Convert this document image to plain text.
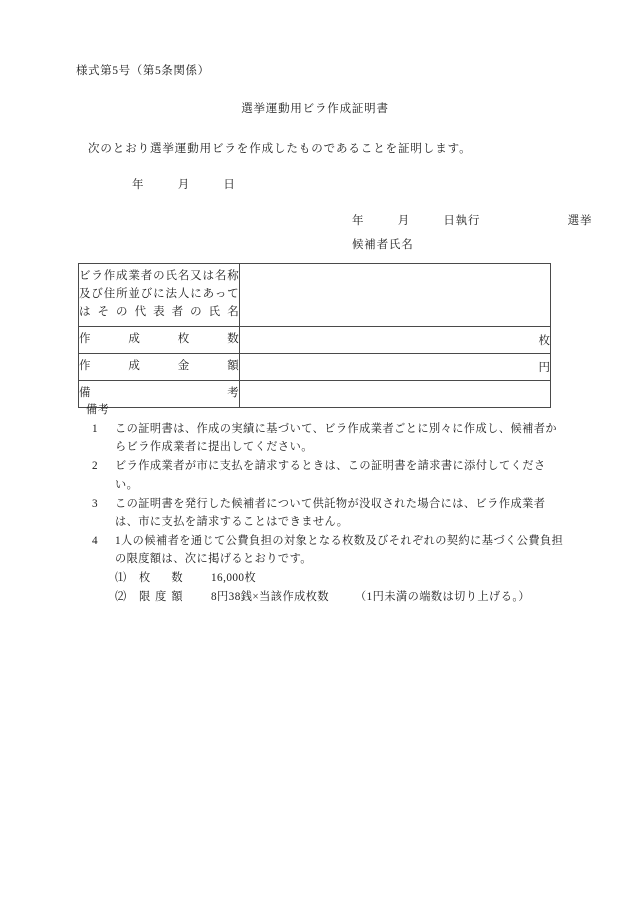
様式第5号（第5条関係）
選挙運動用ビラ作成証明書
次のとおり選挙運動用ビラを作成したものであることを証明します。
年	月	日
年	月	日執行	選挙
候補者氏名
ビラ作成業者の氏名又は名称
及び住所並びに法人にあって
はその代表者の氏名	

作成枚数	枚

作成金額	円

備考	

備考
1 この証明書は、作成の実績に基づいて、ビラ作成業者ごとに別々に作成し、候補者からビラ作成業者に提出してください。
2 ビラ作成業者が市に支払を請求するときは、この証明書を請求書に添付してください。
3 この証明書を発行した候補者について供託物が没収された場合には、ビラ作成業者は、市に支払を請求することはできません。
4 1人の候補者を通じて公費負担の対象となる枚数及びそれぞれの契約に基づく公費負担の限度額は、次に掲げるとおりです。
⑴ 枚　数	16,000枚
⑵ 限度額	8円38銭×当該作成枚数 （1円未満の端数は切り上げる。）
